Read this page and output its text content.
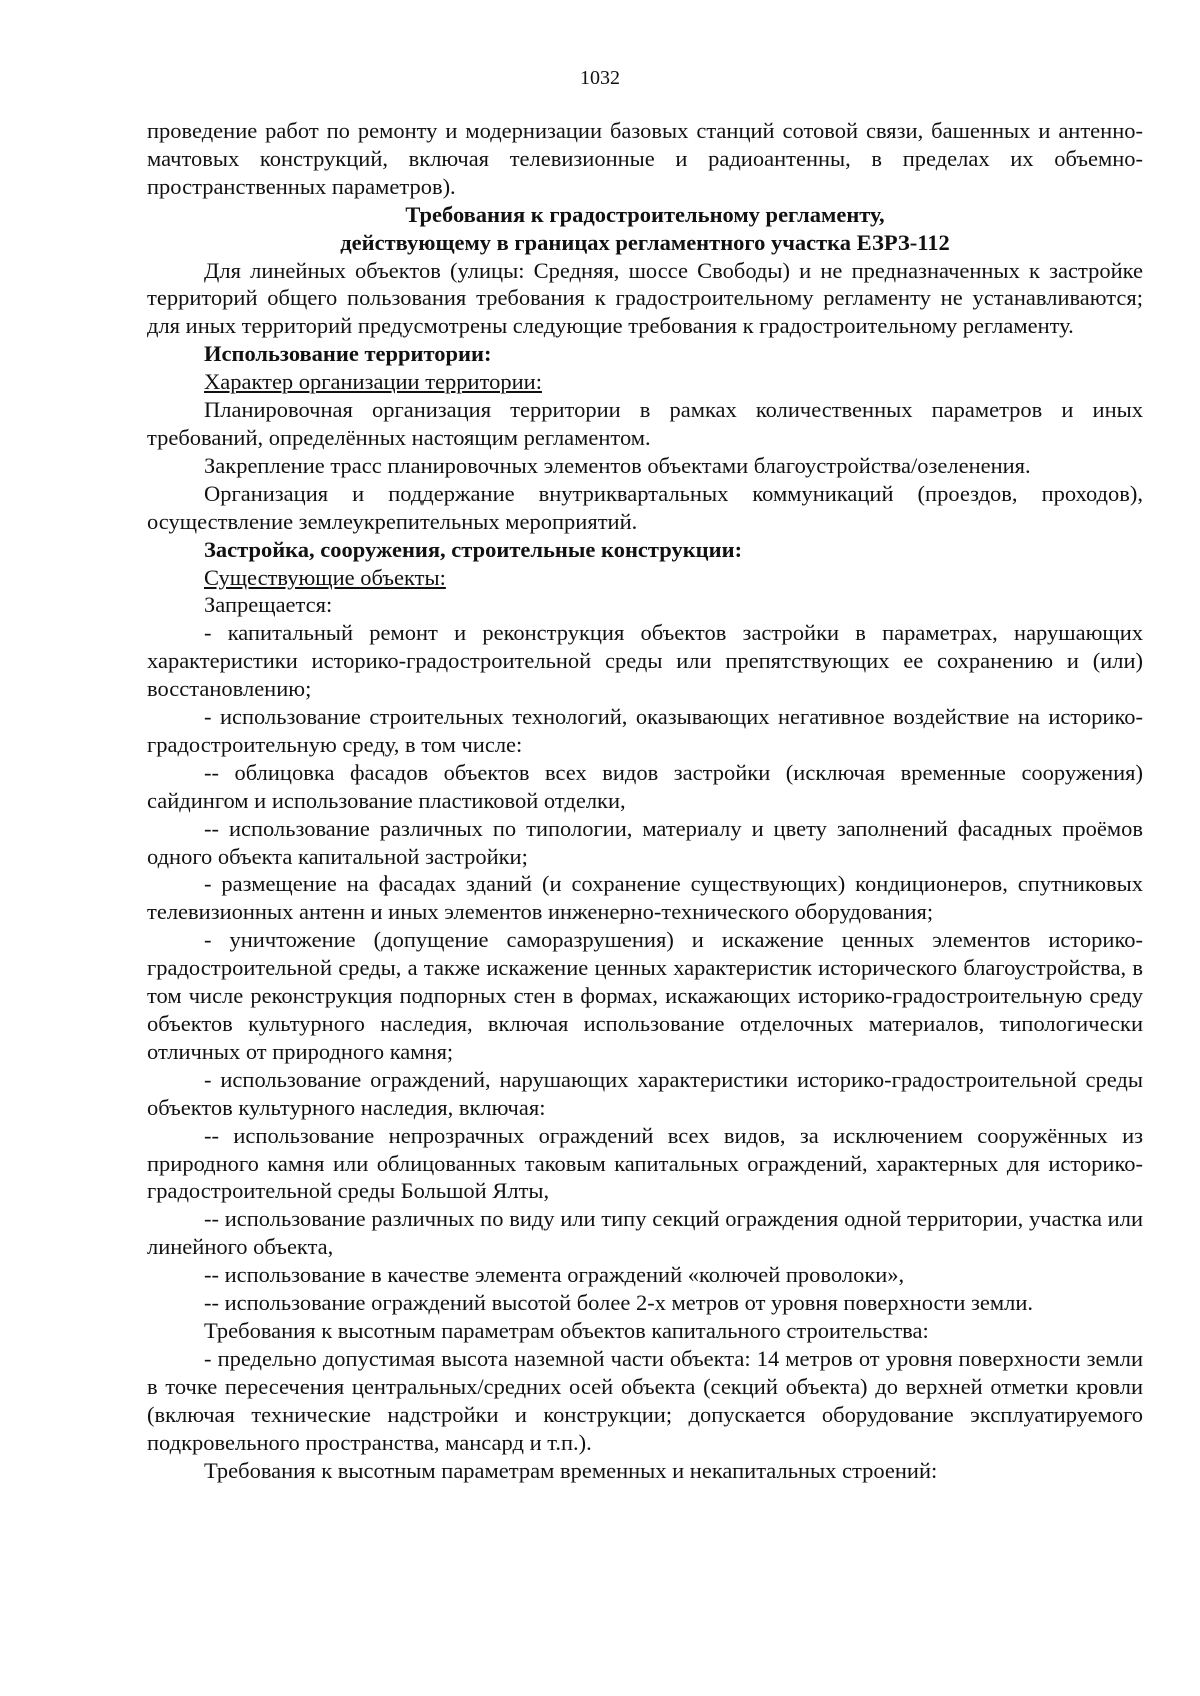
1032

проведение работ по ремонту и модернизации базовых станций сотовой связи, башенных и антенно-мачтовых конструкций, включая телевизионные и радиоантенны, в пределах их объемно-пространственных параметров).

Требования к градостроительному регламенту,

действующему в границах регламентного участка ЕЗРЗ-112

Для линейных объектов (улицы: Средняя, шоссе Свободы) и не предназначенных к застройке территорий общего пользования требования к градостроительному регламенту не устанавливаются; для иных территорий предусмотрены следующие требования к градостроительному регламенту.

Использование территории:

Характер организации территории:

Планировочная организация территории в рамках количественных параметров и иных требований, определённых настоящим регламентом.

Закрепление трасс планировочных элементов объектами благоустройства/озеленения.

Организация и поддержание внутриквартальных коммуникаций (проездов, проходов), осуществление землеукрепительных мероприятий.

Застройка, сооружения, строительные конструкции:

Существующие объекты:

Запрещается:

- капитальный ремонт и реконструкция объектов застройки в параметрах, нарушающих характеристики историко-градостроительной среды или препятствующих ее сохранению и (или) восстановлению;

- использование строительных технологий, оказывающих негативное воздействие на историко-градостроительную среду, в том числе:

-- облицовка фасадов объектов всех видов застройки (исключая временные сооружения) сайдингом и использование пластиковой отделки,

-- использование различных по типологии, материалу и цвету заполнений фасадных проёмов одного объекта капитальной застройки;

- размещение на фасадах зданий (и сохранение существующих) кондиционеров, спутниковых телевизионных антенн и иных элементов инженерно-технического оборудования;

- уничтожение (допущение саморазрушения) и искажение ценных элементов историко-градостроительной среды, а также искажение ценных характеристик исторического благоустройства, в том числе реконструкция подпорных стен в формах, искажающих историко-градостроительную среду объектов культурного наследия, включая использование отделочных материалов, типологически отличных от природного камня;

- использование ограждений, нарушающих характеристики историко-градостроительной среды объектов культурного наследия, включая:

-- использование непрозрачных ограждений всех видов, за исключением сооружённых из природного камня или облицованных таковым капитальных ограждений, характерных для историко-градостроительной среды Большой Ялты,

-- использование различных по виду или типу секций ограждения одной территории, участка или линейного объекта,

-- использование в качестве элемента ограждений «колючей проволоки»,

-- использование ограждений высотой более 2-х метров от уровня поверхности земли.

Требования к высотным параметрам объектов капитального строительства:

- предельно допустимая высота наземной части объекта: 14 метров от уровня поверхности земли в точке пересечения центральных/средних осей объекта (секций объекта) до верхней отметки кровли (включая технические надстройки и конструкции; допускается оборудование эксплуатируемого подкровельного пространства, мансард и т.п.).

Требования к высотным параметрам временных и некапитальных строений:
